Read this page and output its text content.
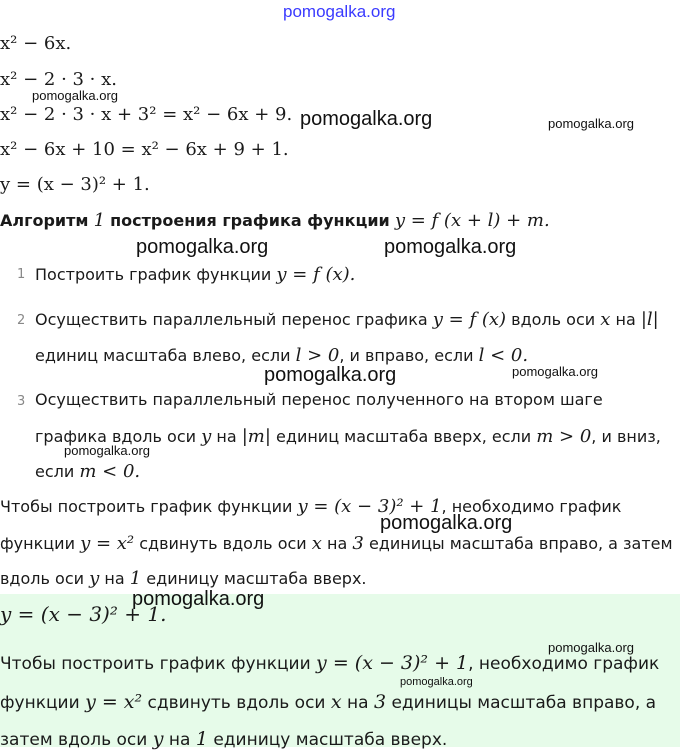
pomogalka.org
x² − 6x.
x² − 2 · 3 · x.
pomogalka.org
x² − 2 · 3 · x + 3² = x² − 6x + 9. pomogalka.org	pomogalka.org
x² − 6x + 10 = x² − 6x + 9 + 1.
y = (x − 3)² + 1.
Алгоритм 1 построения графика функции y = f (x + l) + m.
pomogalka.org	pomogalka.org
1 Построить график функции y = f (x).
2 Осуществить параллельный перенос графика y = f (x) вдоль оси x на |l|
единиц масштаба влево, если l > 0, и вправо, если l < 0.
pomogalka.org	pomogalka.org
3 Осуществить параллельный перенос полученного на втором шаге
графика вдоль оси y на |m| единиц масштаба вверх, если m > 0, и вниз,
pomogalka.org
если m < 0.
Чтобы построить график функции y = (x − 3)² + 1, необходимо график
pomogalka.org
функции y = x² сдвинуть вдоль оси x на 3 единицы масштаба вправо, а затем
вдоль оси y на 1 единицу масштаба вверх.
y = (x − 3)² + 1.
pomogalka.org
pomogalka.org
Чтобы построить график функции y = (x − 3)² + 1, необходимо график
pomogalka.org
функции y = x² сдвинуть вдоль оси x на 3 единицы масштаба вправо, а
затем вдоль оси y на 1 единицу масштаба вверх.
